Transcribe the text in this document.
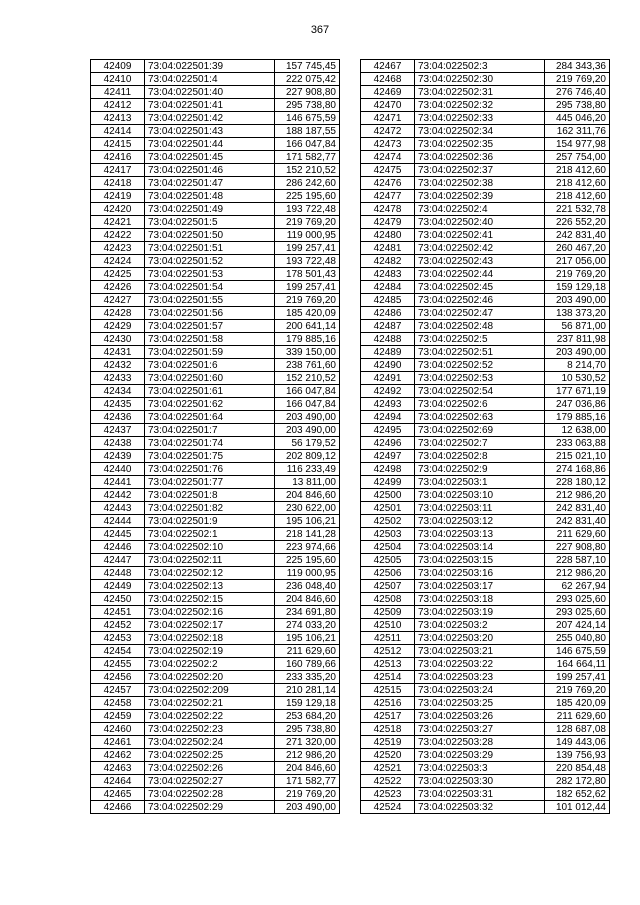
367
42409	73:04:022501:39	157 745,45
42410	73:04:022501:4	222 075,42
42411	73:04:022501:40	227 908,80
42412	73:04:022501:41	295 738,80
42413	73:04:022501:42	146 675,59
42414	73:04:022501:43	188 187,55
42415	73:04:022501:44	166 047,84
42416	73:04:022501:45	171 582,77
42417	73:04:022501:46	152 210,52
42418	73:04:022501:47	286 242,60
42419	73:04:022501:48	225 195,60
42420	73:04:022501:49	193 722,48
42421	73:04:022501:5	219 769,20
42422	73:04:022501:50	119 000,95
42423	73:04:022501:51	199 257,41
42424	73:04:022501:52	193 722,48
42425	73:04:022501:53	178 501,43
42426	73:04:022501:54	199 257,41
42427	73:04:022501:55	219 769,20
42428	73:04:022501:56	185 420,09
42429	73:04:022501:57	200 641,14
42430	73:04:022501:58	179 885,16
42431	73:04:022501:59	339 150,00
42432	73:04:022501:6	238 761,60
42433	73:04:022501:60	152 210,52
42434	73:04:022501:61	166 047,84
42435	73:04:022501:62	166 047,84
42436	73:04:022501:64	203 490,00
42437	73:04:022501:7	203 490,00
42438	73:04:022501:74	56 179,52
42439	73:04:022501:75	202 809,12
42440	73:04:022501:76	116 233,49
42441	73:04:022501:77	13 811,00
42442	73:04:022501:8	204 846,60
42443	73:04:022501:82	230 622,00
42444	73:04:022501:9	195 106,21
42445	73:04:022502:1	218 141,28
42446	73:04:022502:10	223 974,66
42447	73:04:022502:11	225 195,60
42448	73:04:022502:12	119 000,95
42449	73:04:022502:13	236 048,40
42450	73:04:022502:15	204 846,60
42451	73:04:022502:16	234 691,80
42452	73:04:022502:17	274 033,20
42453	73:04:022502:18	195 106,21
42454	73:04:022502:19	211 629,60
42455	73:04:022502:2	160 789,66
42456	73:04:022502:20	233 335,20
42457	73:04:022502:209	210 281,14
42458	73:04:022502:21	159 129,18
42459	73:04:022502:22	253 684,20
42460	73:04:022502:23	295 738,80
42461	73:04:022502:24	271 320,00
42462	73:04:022502:25	212 986,20
42463	73:04:022502:26	204 846,60
42464	73:04:022502:27	171 582,77
42465	73:04:022502:28	219 769,20
42466	73:04:022502:29	203 490,00
42467	73:04:022502:3	284 343,36
42468	73:04:022502:30	219 769,20
42469	73:04:022502:31	276 746,40
42470	73:04:022502:32	295 738,80
42471	73:04:022502:33	445 046,20
42472	73:04:022502:34	162 311,76
42473	73:04:022502:35	154 977,98
42474	73:04:022502:36	257 754,00
42475	73:04:022502:37	218 412,60
42476	73:04:022502:38	218 412,60
42477	73:04:022502:39	218 412,60
42478	73:04:022502:4	221 532,78
42479	73:04:022502:40	226 552,20
42480	73:04:022502:41	242 831,40
42481	73:04:022502:42	260 467,20
42482	73:04:022502:43	217 056,00
42483	73:04:022502:44	219 769,20
42484	73:04:022502:45	159 129,18
42485	73:04:022502:46	203 490,00
42486	73:04:022502:47	138 373,20
42487	73:04:022502:48	56 871,00
42488	73:04:022502:5	237 811,98
42489	73:04:022502:51	203 490,00
42490	73:04:022502:52	8 214,70
42491	73:04:022502:53	10 530,52
42492	73:04:022502:54	177 671,19
42493	73:04:022502:6	247 036,86
42494	73:04:022502:63	179 885,16
42495	73:04:022502:69	12 638,00
42496	73:04:022502:7	233 063,88
42497	73:04:022502:8	215 021,10
42498	73:04:022502:9	274 168,86
42499	73:04:022503:1	228 180,12
42500	73:04:022503:10	212 986,20
42501	73:04:022503:11	242 831,40
42502	73:04:022503:12	242 831,40
42503	73:04:022503:13	211 629,60
42504	73:04:022503:14	227 908,80
42505	73:04:022503:15	228 587,10
42506	73:04:022503:16	212 986,20
42507	73:04:022503:17	62 267,94
42508	73:04:022503:18	293 025,60
42509	73:04:022503:19	293 025,60
42510	73:04:022503:2	207 424,14
42511	73:04:022503:20	255 040,80
42512	73:04:022503:21	146 675,59
42513	73:04:022503:22	164 664,11
42514	73:04:022503:23	199 257,41
42515	73:04:022503:24	219 769,20
42516	73:04:022503:25	185 420,09
42517	73:04:022503:26	211 629,60
42518	73:04:022503:27	128 687,08
42519	73:04:022503:28	149 443,06
42520	73:04:022503:29	139 756,93
42521	73:04:022503:3	220 854,48
42522	73:04:022503:30	282 172,80
42523	73:04:022503:31	182 652,62
42524	73:04:022503:32	101 012,44
